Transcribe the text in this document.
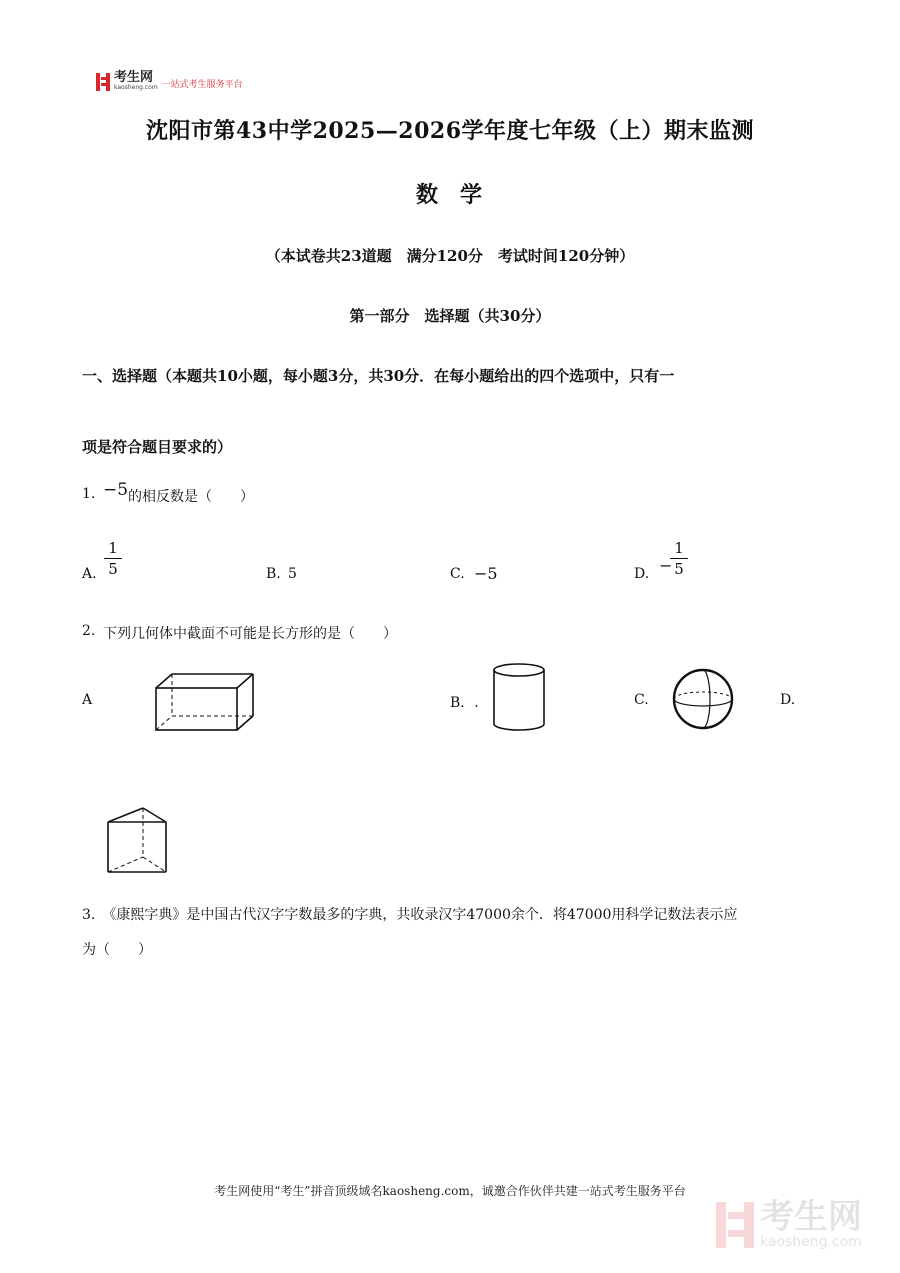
考生网
kaosheng.com 一站式考生服务平台
沈阳市第43中学2025—2026学年度七年级（上）期末监测
数学
（本试卷共23道题　满分120分　考试时间120分钟）
第一部分　选择题（共30分）
一、选择题（本题共10小题，每小题3分，共30分．在每小题给出的四个选项中，只有一
项是符合题目要求的）
1. −5 的相反数是（　　）
A.
1
5	B. 5	C. −5	D. −
1
5
2. 下列几何体中截面不可能是长方形的是（　　）
A	B．.	C.	D.
3.　《康熙字典》是中国古代汉字字数最多的字典，共收录汉字47000余个．将47000用科学记数法表示应
为（　　）
考生网使用“考生”拼音顶级域名kaosheng.com，诚邀合作伙伴共建一站式考生服务平台
考生网
kaosheng.com
